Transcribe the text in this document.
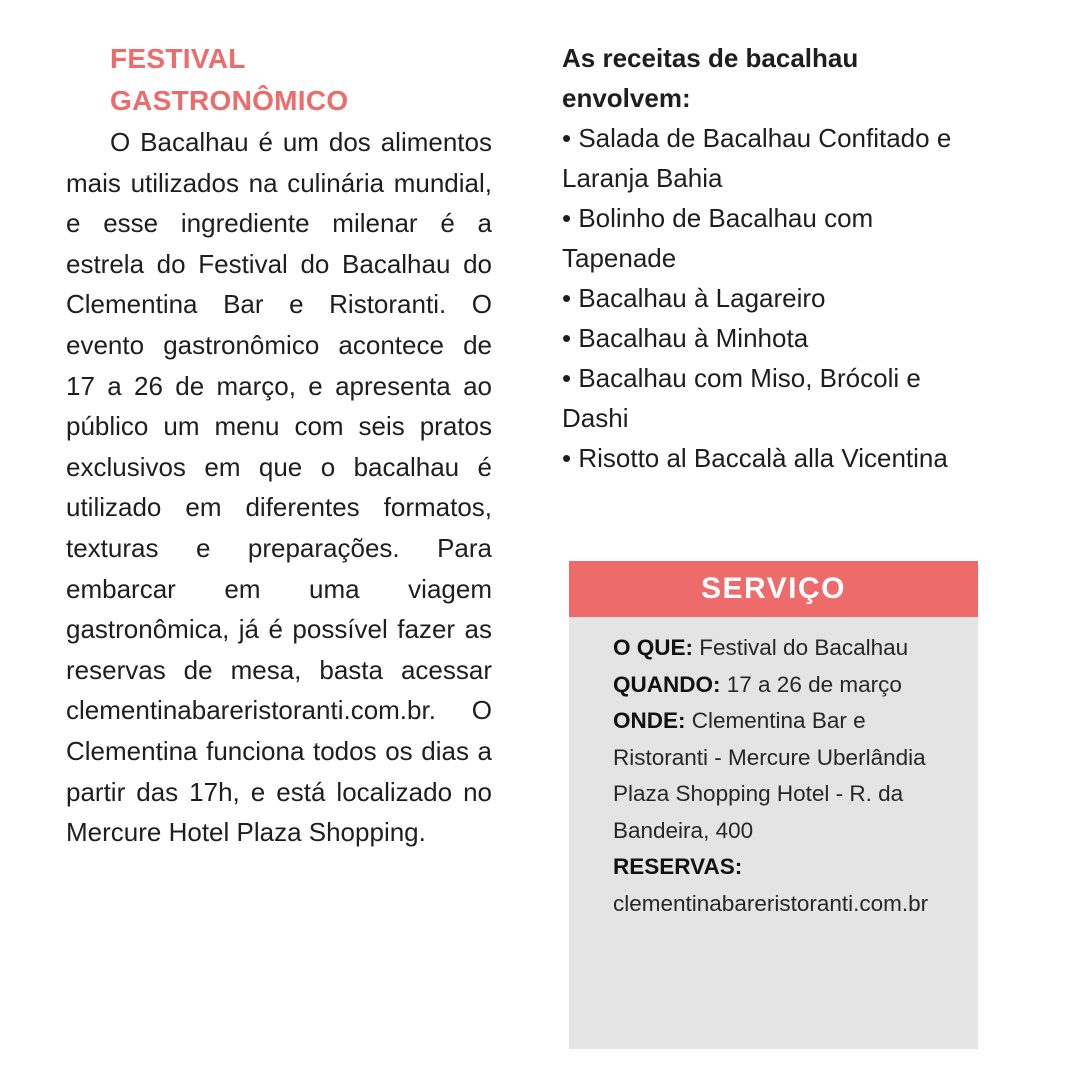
FESTIVAL
GASTRONÔMICO

O Bacalhau é um dos alimentos mais utilizados na culinária mundial, e esse ingrediente milenar é a estrela do Festival do Bacalhau do Clementina Bar e Ristoranti. O evento gastronômico acontece de 17 a 26 de março, e apresenta ao público um menu com seis pratos exclusivos em que o bacalhau é utilizado em diferentes formatos, texturas e preparações. Para embarcar em uma viagem gastronômica, já é possível fazer as reservas de mesa, basta acessar clementinabareristoranti.com.br. O Clementina funciona todos os dias a partir das 17h, e está localizado no Mercure Hotel Plaza Shopping.

As receitas de bacalhau envolvem:

• Salada de Bacalhau Confitado e Laranja Bahia
• Bolinho de Bacalhau com Tapenade
• Bacalhau à Lagareiro
• Bacalhau à Minhota
• Bacalhau com Miso, Brócoli e Dashi
• Risotto al Baccalà alla Vicentina
SERVIÇO

O QUE: Festival do Bacalhau

QUANDO: 17 a 26 de março

ONDE: Clementina Bar e Ristoranti - Mercure Uberlândia Plaza Shopping Hotel - R. da Bandeira, 400

RESERVAS:
clementinabareristoranti.com.br
